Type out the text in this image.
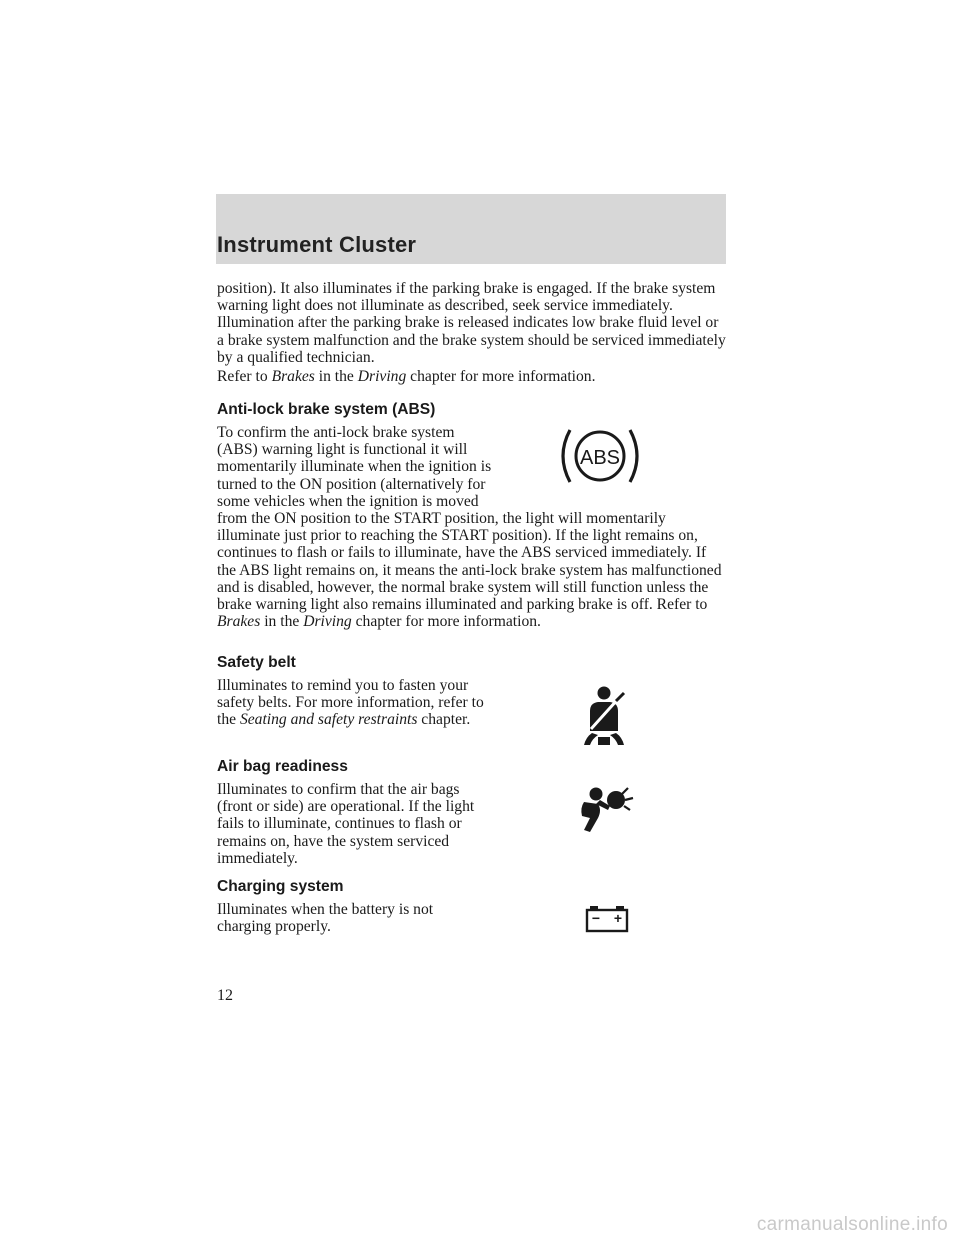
Instrument Cluster

position). It also illuminates if the parking brake is engaged. If the brake system warning light does not illuminate as described, seek service immediately. Illumination after the parking brake is released indicates low brake fluid level or a brake system malfunction and the brake system should be serviced immediately by a qualified technician.

Refer to Brakes in the Driving chapter for more information.

Anti-lock brake system (ABS)
ABS
To confirm the anti-lock brake system (ABS) warning light is functional it will momentarily illuminate when the ignition is turned to the ON position (alternatively for some vehicles when the ignition is moved from the ON position to the START position, the light will momentarily illuminate just prior to reaching the START position). If the light remains on, continues to flash or fails to illuminate, have the ABS serviced immediately. If the ABS light remains on, it means the anti-lock brake system has malfunctioned and is disabled, however, the normal brake system will still function unless the brake warning light also remains illuminated and parking brake is off. Refer to Brakes in the Driving chapter for more information.
Safety belt

Illuminates to remind you to fasten your safety belts. For more information, refer to the Seating and safety restraints chapter.

Air bag readiness

Illuminates to confirm that the air bags (front or side) are operational. If the light fails to illuminate, continues to flash or remains on, have the system serviced immediately.

Charging system

Illuminates when the battery is not charging properly.

− +
12
carmanualsonline.info
